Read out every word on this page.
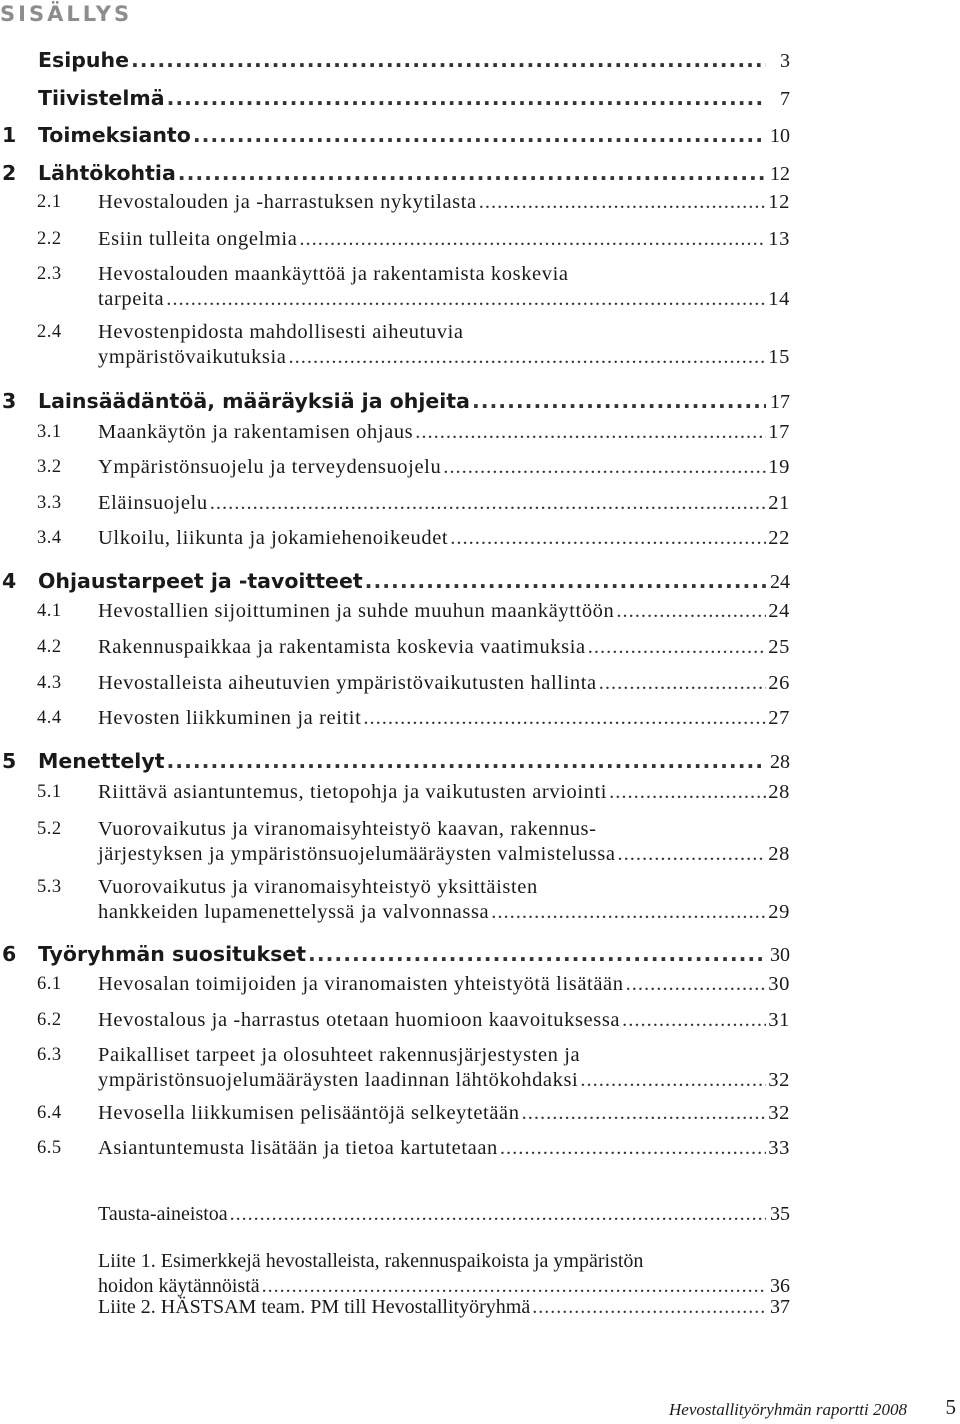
SISÄLLYS
Esipuhe .....	3
Tiivistelmä .....	7
1 Toimeksianto .....	10
2 Lähtökohtia .....	12
2.1 Hevostalouden ja -harrastuksen nykytilasta .....	12
2.2 Esiin tulleita ongelmia .....	13
2.3 Hevostalouden maankäyttöä ja rakentamista koskevia
tarpeita .....	14
2.4 Hevostenpidosta mahdollisesti aiheutuvia
ympäristövaikutuksia .....	15
3 Lainsäädäntöä, määräyksiä ja ohjeita .....	17
3.1 Maankäytön ja rakentamisen ohjaus .....	17
3.2 Ympäristönsuojelu ja terveydensuojelu .....	19
3.3 Eläinsuojelu .....	21
3.4 Ulkoilu, liikunta ja jokamiehenoikeudet .....	22
4 Ohjaustarpeet ja -tavoitteet .....	24
4.1 Hevostallien sijoittuminen ja suhde muuhun maankäyttöön .....	24
4.2 Rakennuspaikkaa ja rakentamista koskevia vaatimuksia .....	25
4.3 Hevostalleista aiheutuvien ympäristövaikutusten hallinta .....	26
4.4 Hevosten liikkuminen ja reitit .....	27
5 Menettelyt .....	28
5.1 Riittävä asiantuntemus, tietopohja ja vaikutusten arviointi .....	28
5.2 Vuorovaikutus ja viranomaisyhteistyö kaavan, rakennus-
järjestyksen ja ympäristönsuojelumääräysten valmistelussa .....	28
5.3 Vuorovaikutus ja viranomaisyhteistyö yksittäisten
hankkeiden lupamenettelyssä ja valvonnassa .....	29
6 Työryhmän suositukset .....	30
6.1 Hevosalan toimijoiden ja viranomaisten yhteistyötä lisätään .....	30
6.2 Hevostalous ja -harrastus otetaan huomioon kaavoituksessa .....	31
6.3 Paikalliset tarpeet ja olosuhteet rakennusjärjestysten ja
ympäristönsuojelumääräysten laadinnan lähtökohdaksi .....	32
6.4 Hevosella liikkumisen pelisääntöjä selkeytetään .....	32
6.5 Asiantuntemusta lisätään ja tietoa kartutetaan .....	33
Tausta-aineistoa .....	35
Liite 1. Esimerkkejä hevostalleista, rakennuspaikoista ja ympäristön
hoidon käytännöistä .....	36
Liite 2. HÄSTSAM team. PM till Hevostallityöryhmä .....	37
Hevostallityöryhmän raportti 2008 5
